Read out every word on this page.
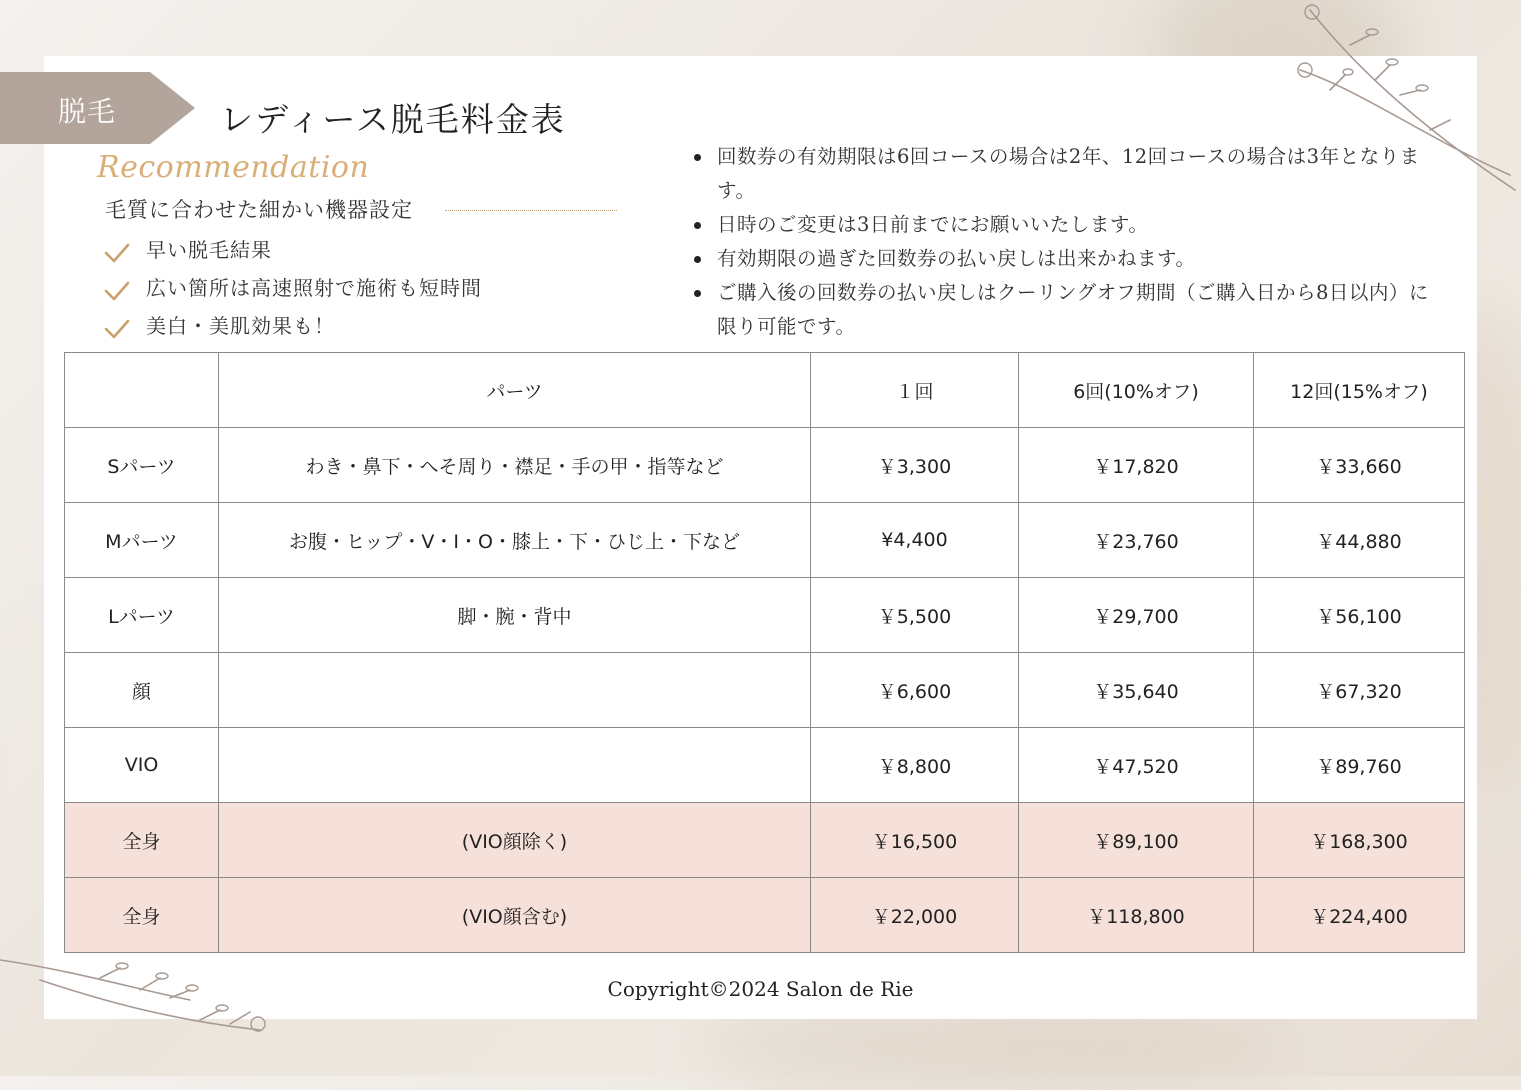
脱毛	レディース脱毛料金表
Recommendation
毛質に合わせた細かい機器設定
早い脱毛結果
広い箇所は高速照射で施術も短時間
美白・美肌効果も！
回数券の有効期限は6回コースの場合は2年、12回コースの場合は3年となります。
日時のご変更は3日前までにお願いいたします。
有効期限の過ぎた回数券の払い戻しは出来かねます。
ご購入後の回数券の払い戻しはクーリングオフ期間（ご購入日から8日以内）に限り可能です。
	パーツ	１回	6回(10%オフ)	12回(15%オフ)
Sパーツ	わき・鼻下・へそ周り・襟足・手の甲・指等など	￥3,300	￥17,820	￥33,660
Mパーツ	お腹・ヒップ・V・I・O・膝上・下・ひじ上・下など	¥4,400	￥23,760	￥44,880
Lパーツ	脚・腕・背中	￥5,500	￥29,700	￥56,100
顔		￥6,600	￥35,640	￥67,320
VIO		￥8,800	￥47,520	￥89,760
全身	(VIO顔除く)	￥16,500	￥89,100	￥168,300
全身	(VIO顔含む)	￥22,000	￥118,800	￥224,400
Copyright©2024 Salon de Rie
